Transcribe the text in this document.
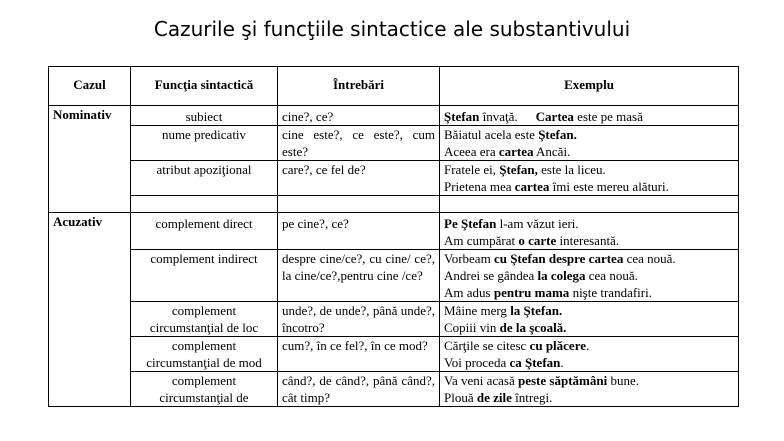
Cazurile şi funcţiile sintactice ale substantivului
Cazul	Funcţia sintactică	Întrebări	Exemplu
Nominativ	subiect	cine?, ce?	Ştefan învaţă. Cartea este pe masă

	nume predicativ	cine este?, ce este?, cum este?	Băiatul acela este Ştefan.
Aceea era cartea Ancăi.

	atribut apoziţional	care?, ce fel de?	Fratele ei, Ştefan, este la liceu.
Prietena mea cartea îmi este mereu alături.

Acuzativ	complement direct	pe cine?, ce?	Pe Ştefan l-am văzut ieri.
Am cumpărat o carte interesantă.

	complement indirect	despre cine/ce?, cu cine/ ce?, la cine/ce?,pentru cine /ce?	Vorbeam cu Ştefan despre cartea cea nouă.
Andrei se gândea la colega cea nouă.
Am adus pentru mama nişte trandafiri.

	complement circumstanţial de loc	unde?, de unde?, până unde?, încotro?	Mâine merg la Ştefan.
Copiii vin de la şcoală.

	complement circumstanţial de mod	cum?, în ce fel?, în ce mod?	Cărţile se citesc cu plăcere.
Voi proceda ca Ştefan.

	complement circumstanţial de	când?, de când?, până când?, cât timp?	Va veni acasă peste săptămâni bune.
Plouă de zile întregi.
